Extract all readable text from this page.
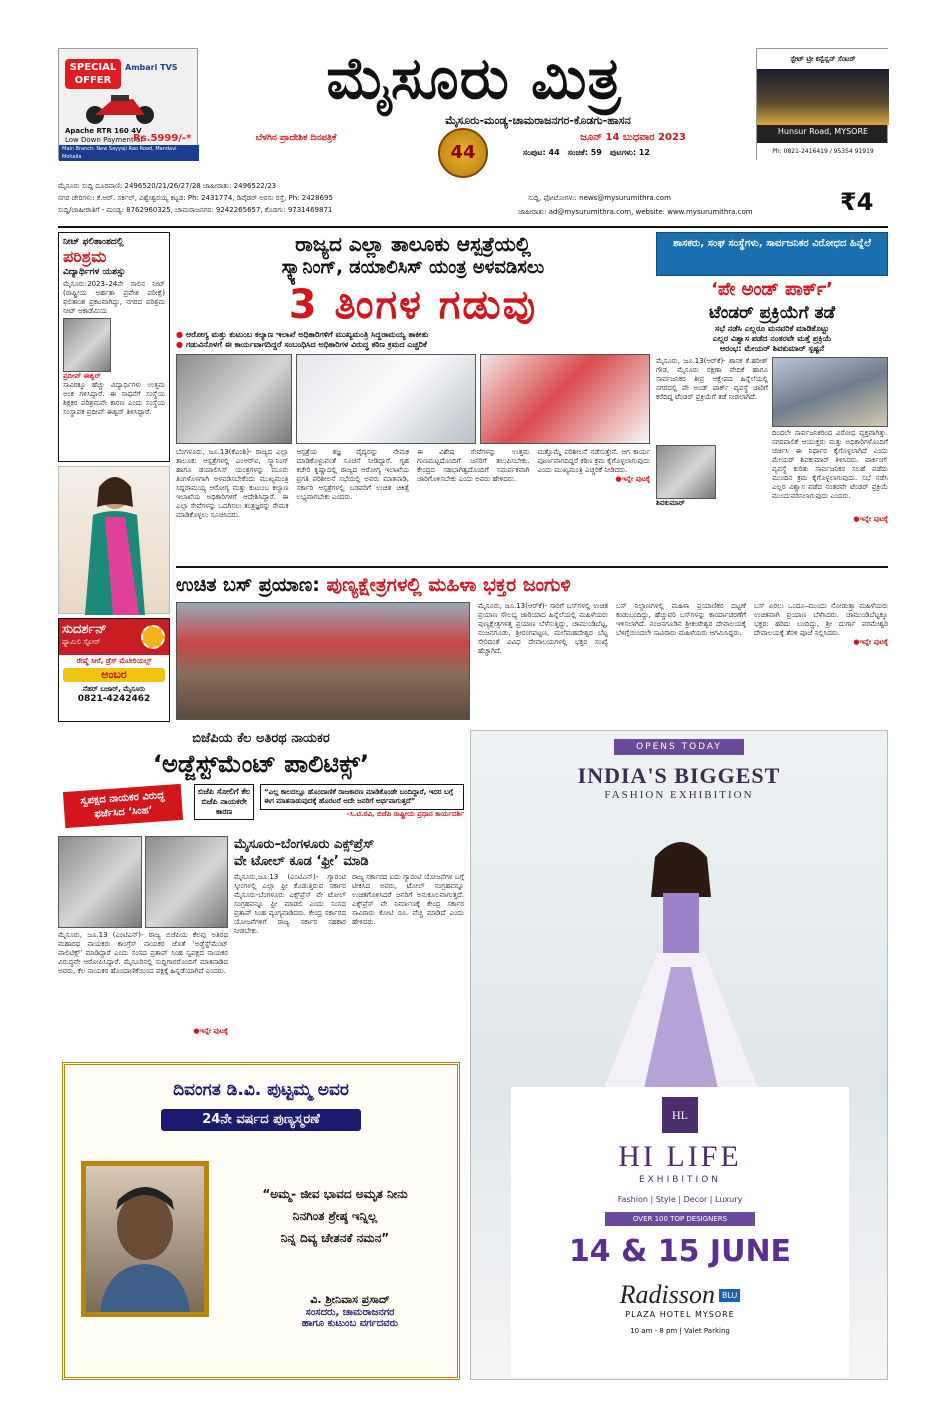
SPECIAL OFFER
Ambari TVS
Apache RTR 160 4V
Low Down Payment of
Rs.5999/-*
Main Branch: New Sayyaji Rao Road, Mandavi Mohalla
9035172160, 9964432588
ಮೈಸೂರು ಮಿತ್ರ
ಮೈಸೂರು-ಮಂಡ್ಯ-ಚಾಮರಾಜನಗರ-ಕೊಡಗು-ಹಾಸನ
ಬೆಳಗಿನ ಪ್ರಾದೇಶಿಕ ದಿನಪತ್ರಿಕೆ	ಜೂನ್ 14 ಬುಧವಾರ 2023
44	ಸಂಪುಟ: 44 ಸಂಚಿಕೆ: 59 ಪುಟಗಳು: 12
ಸ್ಟೇಟ್ ಟ್ರೀ ಕನ್ವೆನ್ಷನ್ ಸೆಂಟರ್
Hunsur Road, MYSORE
Ph: 0821-2416419 / 95354 91919
ಮೈಸೂರು ಸುದ್ದಿ ದೂರವಾಣಿ: 2496520/21/26/27/28 ಜಾಹೀರಾತು: 2496522/23
ನಗರ ಚೇರಿಗಳು: ಕೆ.ಆರ್. ಸರ್ಕಲ್, ವಿಶ್ವೇಶ್ವರಯ್ಯ ಕಟ್ಟಡ: Ph: 2431774, ಡಿವೈಡರ್ ಅರಸು ರಸ್ತೆ, Ph: 2428695
ಸುದ್ದಿ/ಜಾಹೀರಾತಿಗೆ - ಮಂಡ್ಯ: 8762960325, ಚಾಮರಾಜನಗರ: 9242265657, ಕೊಡಗು: 9731469871
ಸುದ್ದಿ, ಫೋಟೋಗಳು: news@mysurumithra.com
ಜಾಹೀರಾತು: ad@mysurumithra.com, website: www.mysurumithra.com	₹4
ನೀಟ್ ಫಲಿತಾಂಶದಲ್ಲಿ
ಪರಿಶ್ರಮ
ವಿದ್ಯಾರ್ಥಿಗಳ ಯಶಸ್ಸು
ಮೈಸೂರು:2023–24ನೇ ಸಾಲಿನ ನೀಟ್ (ರಾಷ್ಟ್ರೀಯ ಅರ್ಹತಾ ಪ್ರವೇಶ ಪರೀಕ್ಷೆ) ಫಲಿತಾಂಶ ಪ್ರಕಟವಾಗಿದ್ದು, ನಗರದ ಪರಿಶ್ರಮ ನೀಟ್ ಅಕಾಡೆಮಿಯ
ಪ್ರದೀಪ್ ಈಶ್ವರ್
ಸಾವಿರಕ್ಕೂ ಹೆಚ್ಚು ವಿದ್ಯಾರ್ಥಿಗಳು ಉತ್ತಮ ಅಂಕ ಗಳಿಸಿದ್ದಾರೆ. ಈ ಸಾಧನೆಗೆ ಸಂಸ್ಥೆಯ ಶಿಕ್ಷಕರ ಪರಿಶ್ರಮವೇ ಕಾರಣ ಎಂದು ಸಂಸ್ಥೆಯ ಸಂಸ್ಥಾಪಕ ಪ್ರದೀಪ್ ಈಶ್ವರ್ ತಿಳಿಸಿದ್ದಾರೆ.
ಸುದರ್ಶನ್
ಫ್ಯಾಮಿಲಿ ಸ್ಟೋರ್
ರೇಷ್ಮೆ ಸೀರೆ, ಡ್ರೆಸ್ ಮೆಟೀರಿಯಲ್ಸ್
ಅಂಬರ
ನೆಹರ್ ಬಜಾರ್, ಮೈಸೂರು
0821-4242462
ರಾಜ್ಯದ ಎಲ್ಲಾ ತಾಲೂಕು ಆಸ್ಪತ್ರೆಯಲ್ಲಿ
ಸ್ಕ್ಯಾನಿಂಗ್, ಡಯಾಲಿಸಿಸ್ ಯಂತ್ರ ಅಳವಡಿಸಲು
3 ತಿಂಗಳ ಗಡುವು
● ಆರೋಗ್ಯ ಮತ್ತು ಕುಟುಂಬ ಕಲ್ಯಾಣ ಇಲಾಖೆ ಅಧಿಕಾರಿಗಳಿಗೆ ಮುಖ್ಯಮಂತ್ರಿ ಸಿದ್ದರಾಮಯ್ಯ ತಾಕೀತು
● ಗಡುವಿನೊಳಗೆ ಈ ಕಾರ್ಯವಾಗದಿದ್ದರೆ ಸಂಬಂಧಿಸಿದ ಅಧಿಕಾರಿಗಳ ವಿರುದ್ಧ ಕಠಿಣ ಕ್ರಮದ ಎಚ್ಚರಿಕೆ
ಬೆಂಗಳೂರು, ಜೂ.13(ಕೆಎಂಶಿ)- ರಾಜ್ಯದ ಎಲ್ಲಾ ತಾಲೂಕು ಆಸ್ಪತ್ರೆಗಳಲ್ಲಿ ಎಂಆರ್‌ಐ, ಸ್ಕ್ಯಾನಿಂಗ್ ಹಾಗೂ ಡಯಾಲಿಸಿಸ್ ಯಂತ್ರಗಳನ್ನು ಮೂರು ತಿಂಗಳೊಳಗಾಗಿ ಅಳವಡಿಸಬೇಕೆಂದು ಮುಖ್ಯಮಂತ್ರಿ ಸಿದ್ದರಾಮಯ್ಯ ಆರೋಗ್ಯ ಮತ್ತು ಕುಟುಂಬ ಕಲ್ಯಾಣ ಇಲಾಖೆಯ ಅಧಿಕಾರಿಗಳಿಗೆ ಆದೇಶಿಸಿದ್ದಾರೆ. ಈ ಎಲ್ಲಾ ಸೇವೆಗಳನ್ನು ಒದಗಿಸಲು ತಂತ್ರಜ್ಞರನ್ನು ನೇಮಕ ಮಾಡಿಕೊಳ್ಳಲು ಸೂಚಿಸಿದರು.
ಆಸ್ಪತ್ರೆಯ ತಜ್ಞ ವೈದ್ಯರನ್ನು ನೇಮಕ ಮಾಡಿಕೊಳ್ಳುವಂತೆ ಸೂಚನೆ ನೀಡಿದ್ದಾರೆ. ಗೃಹ ಕಚೇರಿ ಕೃಷ್ಣಾದಲ್ಲಿ ರಾಜ್ಯದ ಆರೋಗ್ಯ ಇಲಾಖೆಯ ಪ್ರಗತಿ ಪರಿಶೀಲನೆ ಸಭೆಯಲ್ಲಿ ಅವರು ಮಾತನಾಡಿ, ಸರ್ಕಾರಿ ಆಸ್ಪತ್ರೆಗಳಲ್ಲಿ ಬಡವರಿಗೆ ಉಚಿತ ಚಿಕಿತ್ಸೆ ಲಭ್ಯವಾಗಬೇಕು ಎಂದರು.
ಈ ವಿಶೇಷ ಸೇವೆಗಳನ್ನು ಉತ್ತಮ ಗುಣಮಟ್ಟದೊಂದಿಗೆ ಜನರಿಗೆ ತಲುಪಿಸಬೇಕು. ಕೇಂದ್ರದ ಸಹಭಾಗಿತ್ವದೊಂದಿಗೆ ಸಮರ್ಪಕವಾಗಿ ಜಾರಿಗೊಳಿಸಬೇಕು ಎಂದು ಅವರು ಹೇಳಿದರು.
ಮತ್ತೊಮ್ಮೆ ಪರಿಶೀಲನೆ ನಡೆಸುತ್ತೇನೆ. ಆಗ ಕಾರ್ಯ ಪೂರ್ಣವಾಗದಿದ್ದರೆ ಕಠಿಣ ಕ್ರಮ ಕೈಗೊಳ್ಳಲಾಗುವುದು ಎಂದು ಮುಖ್ಯಮಂತ್ರಿ ಎಚ್ಚರಿಕೆ ನೀಡಿದರು.
●ಇನ್ನೇ ಪುಟಕ್ಕೆ
ಶಾಸಕರು, ಸಂಘ ಸಂಸ್ಥೆಗಳು, ಸಾರ್ವಜನಿಕರ ವಿರೋಧದ ಹಿನ್ನೆಲೆ
‘ಪೇ ಅಂಡ್ ಪಾರ್ಕ್’
ಟೆಂಡರ್ ಪ್ರಕ್ರಿಯೆಗೆ ತಡೆ
ಸಭೆ ನಡೆಸಿ ಎಲ್ಲರೂ ಮನವರಿಕೆ ಮಾಡಿಕೊಟ್ಟು
ಎಲ್ಲರ ವಿಶ್ವಾಸ ಪಡೆದ ನಂತರವೇ ಮತ್ತೆ ಪ್ರಕ್ರಿಯೆ
ಆರಂಭ: ಮೇಯರ್ ಶಿವಕುಮಾರ್ ಸ್ಪಷ್ಟನೆ
ಮೈಸೂರು, ಜೂ.13(ಆರ್‌ಕೆ)- ಶಾಸಕ ಕೆ.ಹರೀಶ್ ಗೌಡ, ಮೈಸೂರು ರಕ್ಷಣಾ ವೇದಿಕೆ ಹಾಗೂ ಸಾರ್ವಜನಿಕರ ತೀವ್ರ ಆಕ್ಷೇಪದ ಹಿನ್ನೆಲೆಯಲ್ಲಿ ನಗರದಲ್ಲಿ ಪೇ ಅಂಡ್ ಪಾರ್ಕ್ ವ್ಯವಸ್ಥೆ ಜಾರಿಗೆ ಕರೆದಿದ್ದ ಟೆಂಡರ್ ಪ್ರಕ್ರಿಯೆಗೆ ತಡೆ ನೀಡಲಾಗಿದೆ.
ಶಿವಕುಮಾರ್
ದಿಂದಲೇ ಸಾರ್ವಜನಿಕರಿಂದ ವಿರೋಧ ವ್ಯಕ್ತವಾಗಿತ್ತು. ನಗರಪಾಲಿಕೆ ಆಯುಕ್ತರು ಮತ್ತು ಅಧಿಕಾರಿಗಳೊಂದಿಗೆ ಚರ್ಚಿಸಿ ಈ ನಿರ್ಧಾರ ಕೈಗೊಳ್ಳಲಾಗಿದೆ ಎಂದು ಮೇಯರ್ ಶಿವಕುಮಾರ್ ತಿಳಿಸಿದರು. ಪಾರ್ಕಿಂಗ್ ವ್ಯವಸ್ಥೆ ಕುರಿತು ಸಾರ್ವಜನಿಕರ ಸಲಹೆ ಪಡೆದು ಮುಂದಿನ ಕ್ರಮ ಕೈಗೊಳ್ಳಲಾಗುವುದು. ಸಭೆ ನಡೆಸಿ ಎಲ್ಲರ ವಿಶ್ವಾಸ ಪಡೆದ ನಂತರವೇ ಟೆಂಡರ್ ಪ್ರಕ್ರಿಯೆ ಮುಂದುವರಿಸಲಾಗುವುದು ಎಂದರು.
●ಇನ್ನೇ ಪುಟಕ್ಕೆ
ಉಚಿತ ಬಸ್ ಪ್ರಯಾಣ: ಪುಣ್ಯಕ್ಷೇತ್ರಗಳಲ್ಲಿ ಮಹಿಳಾ ಭಕ್ತರ ಜಂಗುಳಿ
ಮೈಸೂರು, ಜೂ.13(ಆರ್‌ಕೆ)- ಸಾರಿಗೆ ಬಸ್‌ಗಳಲ್ಲಿ ಉಚಿತ ಪ್ರಯಾಣ ಸೌಲಭ್ಯ ಜಾರಿಯಾದ ಹಿನ್ನೆಲೆಯಲ್ಲಿ ಮಹಿಳೆಯರು ಪುಣ್ಯಕ್ಷೇತ್ರಗಳತ್ತ ಪ್ರಯಾಣ ಬೆಳೆಸುತ್ತಿದ್ದು, ಚಾಮುಂಡಿಬೆಟ್ಟ, ನಂಜನಗೂಡು, ಶ್ರೀರಂಗಪಟ್ಟಣ, ಮಲೆಮಹದೇಶ್ವರ ಬೆಟ್ಟ ಸೇರಿದಂತೆ ವಿವಿಧ ದೇವಾಲಯಗಳಲ್ಲಿ ಭಕ್ತರ ಸಂಖ್ಯೆ ಹೆಚ್ಚಾಗಿದೆ.
ಬಸ್ ನಿಲ್ದಾಣಗಳಲ್ಲಿ ಮಹಿಳಾ ಪ್ರಯಾಣಿಕರ ದಟ್ಟಣೆ ಕಂಡುಬಂದಿದ್ದು, ಹೆಚ್ಚುವರಿ ಬಸ್‌ಗಳನ್ನು ಕಾರ್ಯಾಚರಣೆಗೆ ಇಳಿಸಲಾಗಿದೆ. ನಂಜನಗೂಡಿನ ಶ್ರೀಕಂಠೇಶ್ವರ ದೇವಾಲಯಕ್ಕೆ ಬೆಳಿಗ್ಗೆಯಿಂದಲೇ ಸಾವಿರಾರು ಮಹಿಳೆಯರು ಆಗಮಿಸಿದ್ದರು.
ಬಸ್ ಏರಲು ಒಂದೂ–ಮುಂದು ನೋಡುತ್ತಾ ಮಹಿಳೆಯರು ಉಚಿತವಾಗಿ ಪ್ರಯಾಣ ಬೆಳೆಸಿದರು. ಚಾಮುಂಡಿಬೆಟ್ಟಕ್ಕೂ ಭಕ್ತರು ಹರಿದು ಬಂದಿದ್ದು, ಶ್ರೀ ದುರ್ಗಾ ಪರಮೇಶ್ವರಿ ದೇವಾಲಯಕ್ಕೆ ತೆರಳಿ ಪೂಜೆ ಸಲ್ಲಿಸಿದರು.
●ಇನ್ನೇ ಪುಟಕ್ಕೆ
ಬಿಜೆಪಿಯ ಕೆಲ ಅತಿರಥ ನಾಯಕರ
‘ಅಡ್ಜೆಸ್ಟ್‌ಮೆಂಟ್ ಪಾಲಿಟಿಕ್ಸ್’
ಸ್ವಪಕ್ಷದ ನಾಯಕರ ವಿರುದ್ಧ ಫರ್ಜೆಸಿದ ‘ಸಿಂಹ’
ಬಿಜೆಪಿ ಸೋಲಿಗೆ ಕೆಲ ಬಿಜೆಪಿ ನಾಯಕರೇ ಕಾರಣ
“ಎಲ್ಲ ಕಾಲದಲ್ಲೂ ಹೊಂದಾಣಿಕೆ ರಾಜಕಾರಣ ಮಾಡಿಕೊಂಡೇ ಬಂದಿದ್ದಾರೆ, ಇದರ ಬಗ್ಗೆ ಈಗ ಮಾತನಾಡುವುದಕ್ಕೆ ಹೊರಟರೆ ಅದೇ ಜನರಿಗೆ ಅರ್ಥವಾಗುತ್ತದೆ”
–ಸಿ.ಟಿ.ರವಿ, ಬಿಜೆಪಿ ರಾಷ್ಟ್ರೀಯ ಪ್ರಧಾನ ಕಾರ್ಯದರ್ಶಿ
ಮೈಸೂರು, ಜೂ.13 (ಎಂಟಿಎನ್)- ರಾಜ್ಯ ಬಿಜೆಪಿಯ ಕೆಲವು ಅತಿರಥ ಮಹಾರಥ ನಾಯಕರು ಕಾಂಗ್ರೆಸ್ ನಾಯಕರ ಜೊತೆ ‘ಅಡ್ಜೆಸ್ಟ್‌ಮೆಂಟ್ ಪಾಲಿಟಿಕ್ಸ್’ ಮಾಡಿದ್ದಾರೆ ಎಂದು ಸಂಸದ ಪ್ರತಾಪ್ ಸಿಂಹ ಸ್ವಪಕ್ಷದ ನಾಯಕರ ವಿರುದ್ಧವೇ ಆರೋಪಿಸಿದ್ದಾರೆ. ಮೈಸೂರಿನಲ್ಲಿ ಸುದ್ದಿಗಾರರೊಂದಿಗೆ ಮಾತನಾಡಿದ ಅವರು, ಕೆಲ ನಾಯಕರ ಹೊಂದಾಣಿಕೆಯಿಂದ ಪಕ್ಷಕ್ಕೆ ಹಿನ್ನಡೆಯಾಗಿದೆ ಎಂದರು.
●ಇನ್ನೇ ಪುಟಕ್ಕೆ
ಮೈಸೂರು–ಬೆಂಗಳೂರು ಎಕ್ಸ್‌ಪ್ರೆಸ್
ವೇ ಟೋಲ್ ಕೂಡ ‘ಫ್ರೀ’ ಮಾಡಿ
ಮೈಸೂರು,ಜೂ.13 (ಎಂಟಿಎನ್)- ಗ್ಯಾರಂಟಿ ಸ್ಕೀಂಗಳಲ್ಲಿ ಎಲ್ಲಾ ಫ್ರೀ ಕೊಡುತ್ತಿರುವ ಸರ್ಕಾರ ಮೈಸೂರು-ಬೆಂಗಳೂರು ಎಕ್ಸ್‌ಪ್ರೆಸ್ ವೇ ಟೋಲ್ ಸಂಗ್ರಹವನ್ನೂ ಫ್ರೀ ಮಾಡಲಿ ಎಂದು ಸಂಸದ ಪ್ರತಾಪ್ ಸಿಂಹ ವ್ಯಂಗ್ಯವಾಡಿದರು. ಕೇಂದ್ರ ಸರ್ಕಾರದ ಯೋಜನೆಗಳಿಗೆ ರಾಜ್ಯ ಸರ್ಕಾರ ಸಹಕಾರ ನೀಡಬೇಕು.
ರಾಜ್ಯ ಸರ್ಕಾರದ ಐದು ಗ್ಯಾರಂಟಿ ಯೋಜನೆಗಳ ಬಗ್ಗೆ ಟೀಕಿಸಿದ ಅವರು, ಟೋಲ್ ಸಂಗ್ರಹವನ್ನೂ ಉಚಿತಗೊಳಿಸಿದರೆ ಜನರಿಗೆ ಅನುಕೂಲವಾಗುತ್ತದೆ. ಎಕ್ಸ್‌ಪ್ರೆಸ್ ವೇ ನಿರ್ಮಾಣಕ್ಕೆ ಕೇಂದ್ರ ಸರ್ಕಾರ ಸಾವಿರಾರು ಕೋಟಿ ರೂ. ವೆಚ್ಚ ಮಾಡಿದೆ ಎಂದು ಹೇಳಿದರು.
ದಿವಂಗತ ಡಿ.ವಿ. ಪುಟ್ಟಮ್ಮ ಅವರ
24ನೇ ವರ್ಷದ ಪುಣ್ಯಸ್ಮರಣೆ
“ಅಮ್ಮ- ಜೀವ ಭಾವದ ಅಮೃತ ನೀನು
ನಿನಗಿಂತ ಶ್ರೇಷ್ಠ ಇನ್ನಿಲ್ಲ
ನಿನ್ನ ದಿವ್ಯ ಚೇತನಕೆ ನಮನ”
ವಿ. ಶ್ರೀನಿವಾಸ ಪ್ರಸಾದ್
ಸಂಸದರು, ಚಾಮರಾಜನಗರ
ಹಾಗೂ ಕುಟುಂಬ ವರ್ಗದವರು
OPENS TODAY
INDIA'S BIGGEST
FASHION EXHIBITION
HL
HI LIFE
EXHIBITION
Fashion | Style | Decor | Luxury
OVER 100 TOP DESIGNERS
14 & 15 JUNE
Radisson BLU
PLAZA HOTEL MYSORE
10 am - 8 pm | Valet Parking
